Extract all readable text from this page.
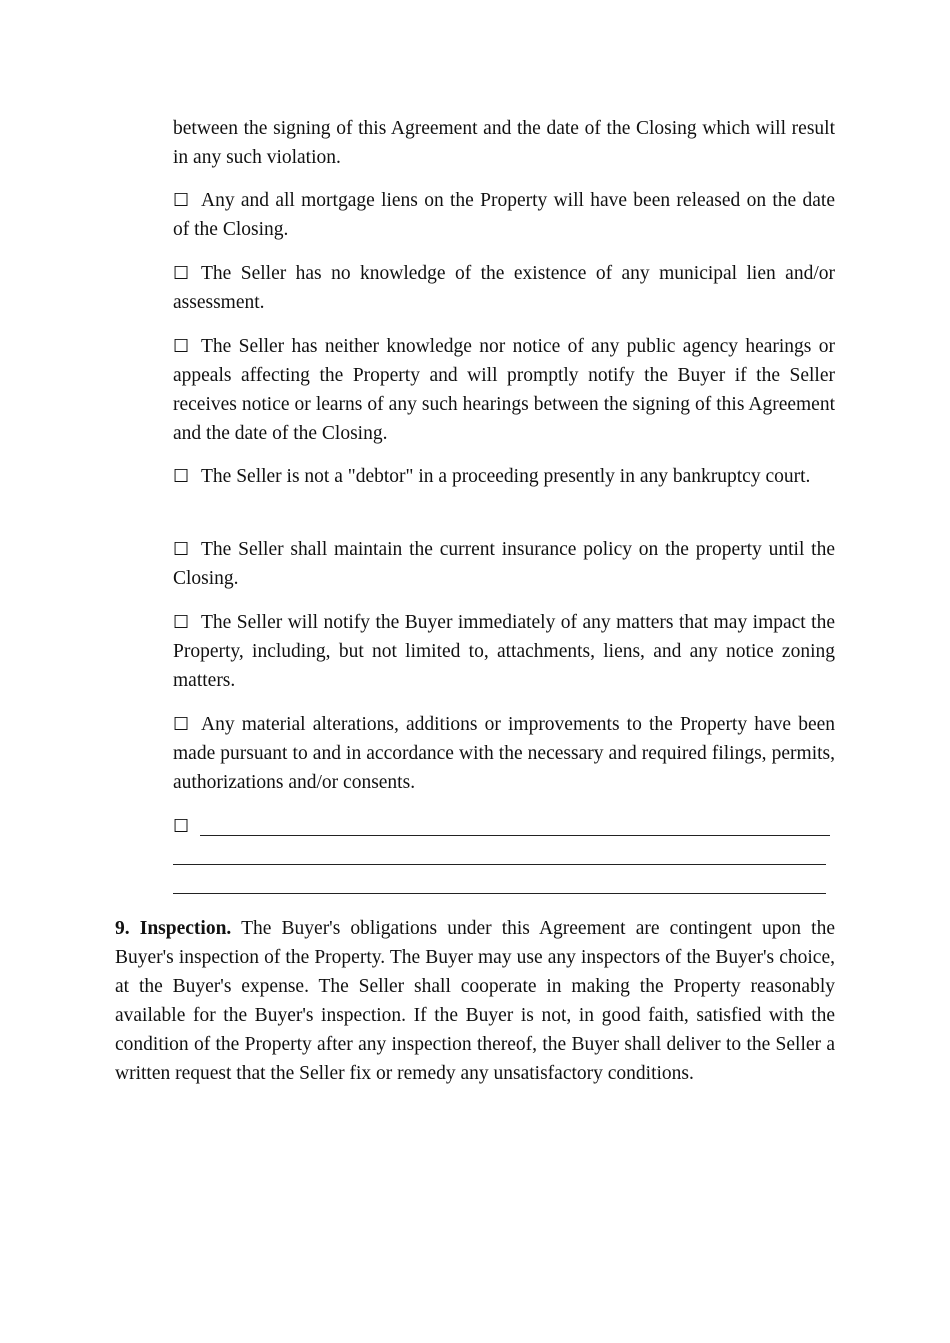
between the signing of this Agreement and the date of the Closing which will result in any such violation.

☐ Any and all mortgage liens on the Property will have been released on the date of the Closing.

☐ The Seller has no knowledge of the existence of any municipal lien and/or assessment.

☐ The Seller has neither knowledge nor notice of any public agency hearings or appeals affecting the Property and will promptly notify the Buyer if the Seller receives notice or learns of any such hearings between the signing of this Agreement and the date of the Closing.

☐ The Seller is not a "debtor" in a proceeding presently in any bankruptcy court.

☐ The Seller shall maintain the current insurance policy on the property until the Closing.

☐ The Seller will notify the Buyer immediately of any matters that may impact the Property, including, but not limited to, attachments, liens, and any notice zoning matters.

☐ Any material alterations, additions or improvements to the Property have been made pursuant to and in accordance with the necessary and required filings, permits, authorizations and/or consents.

☐

9. Inspection. The Buyer's obligations under this Agreement are contingent upon the Buyer's inspection of the Property. The Buyer may use any inspectors of the Buyer's choice, at the Buyer's expense. The Seller shall cooperate in making the Property reasonably available for the Buyer's inspection. If the Buyer is not, in good faith, satisfied with the condition of the Property after any inspection thereof, the Buyer shall deliver to the Seller a written request that the Seller fix or remedy any unsatisfactory conditions.
